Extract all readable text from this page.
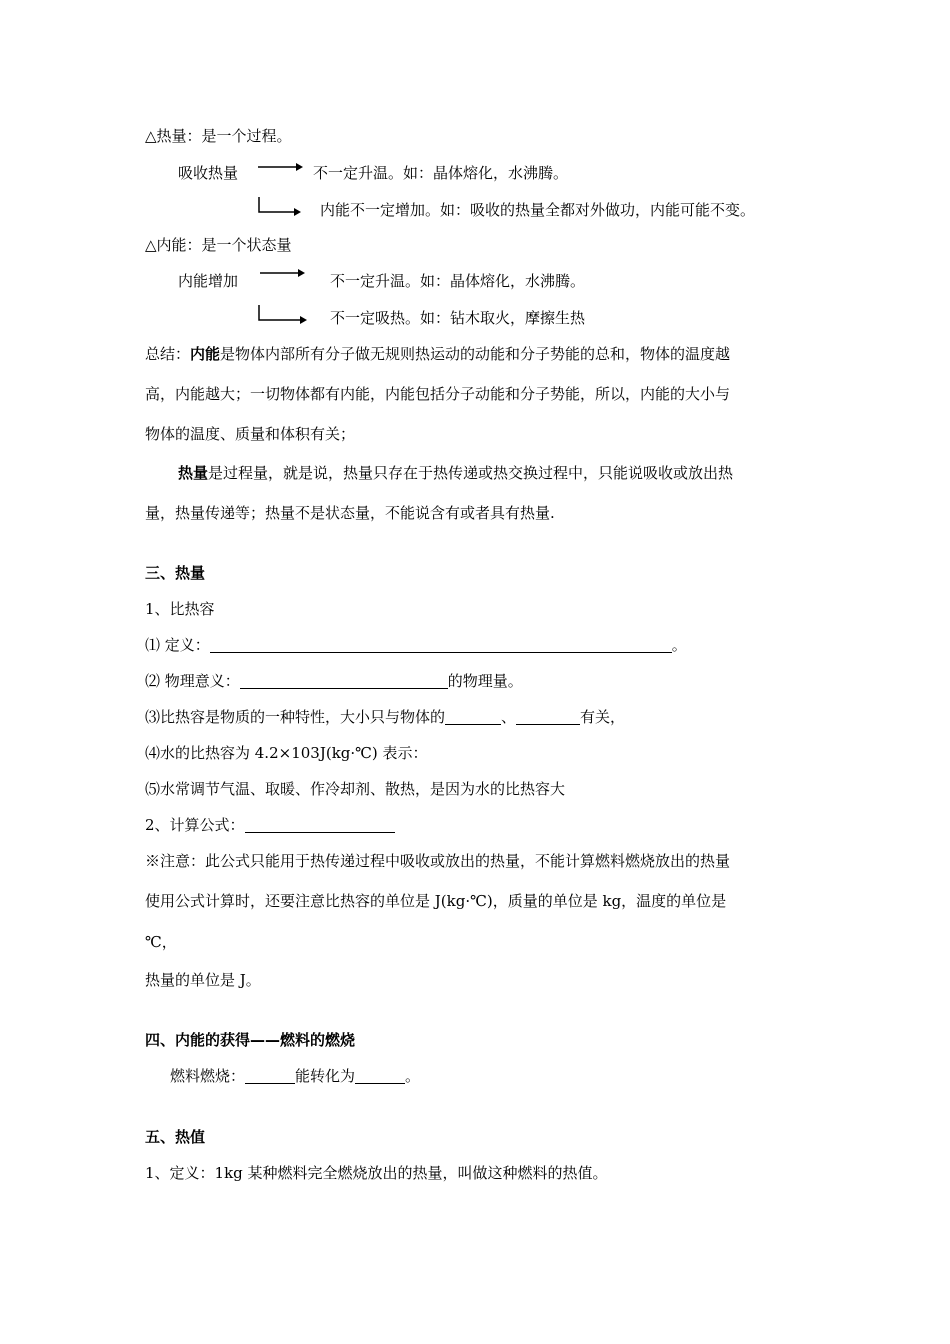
△热量：是一个过程。
吸收热量	不一定升温。如：晶体熔化，水沸腾。
内能不一定增加。如：吸收的热量全都对外做功，内能可能不变。
△内能：是一个状态量
内能增加	不一定升温。如：晶体熔化，水沸腾。
不一定吸热。如：钻木取火，摩擦生热
总结：内能是物体内部所有分子做无规则热运动的动能和分子势能的总和，物体的温度越
高，内能越大；一切物体都有内能，内能包括分子动能和分子势能，所以，内能的大小与
物体的温度、质量和体积有关；
热量是过程量，就是说，热量只存在于热传递或热交换过程中，只能说吸收或放出热
量，热量传递等；热量不是状态量，不能说含有或者具有热量.
三、热量
1、比热容
⑴ 定义：	。
⑵ 物理意义：	的物理量。
⑶比热容是物质的一种特性，大小只与物体的	、	有关，
⑷水的比热容为 4.2×103J(kg·℃) 表示：
⑸水常调节气温、取暖、作冷却剂、散热，是因为水的比热容大
2、计算公式：
※注意：此公式只能用于热传递过程中吸收或放出的热量，不能计算燃料燃烧放出的热量
使用公式计算时，还要注意比热容的单位是 J(kg·℃)，质量的单位是 kg，温度的单位是
℃，
热量的单位是 J。
四、内能的获得——燃料的燃烧
燃料燃烧：	能转化为	。
五、热值
1、定义：1kg 某种燃料完全燃烧放出的热量，叫做这种燃料的热值。
